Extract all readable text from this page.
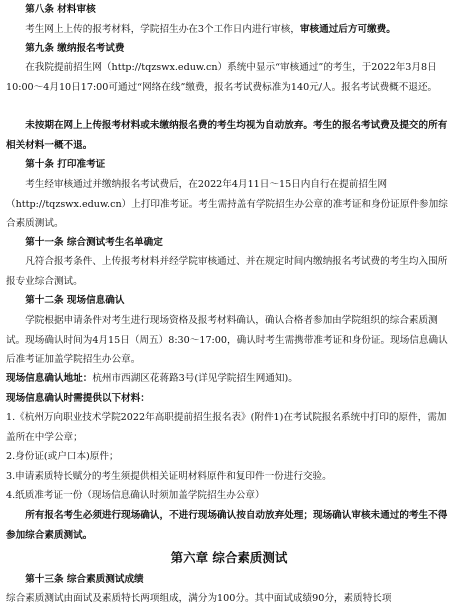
第八条 材料审核

考生网上上传的报考材料，学院招生办在3个工作日内进行审核，审核通过后方可缴费。

第九条 缴纳报名考试费

在我院提前招生网（http://tqzswx.eduw.cn）系统中显示“审核通过”的考生，于2022年3月8日10:00～4月10日17:00可通过“网络在线”缴费，报名考试费标准为140元/人。报名考试费概不退还。

未按期在网上上传报考材料或未缴纳报名费的考生均视为自动放弃。考生的报名考试费及提交的所有相关材料一概不退。

第十条 打印准考证

考生经审核通过并缴纳报名考试费后，在2022年4月11日～15日内自行在提前招生网（http://tqzswx.eduw.cn）上打印准考证。考生需持盖有学院招生办公章的准考证和身份证原件参加综合素质测试。

第十一条 综合测试考生名单确定

凡符合报考条件、上传报考材料并经学院审核通过、并在规定时间内缴纳报名考试费的考生均入围所报专业综合测试。

第十二条 现场信息确认

学院根据申请条件对考生进行现场资格及报考材料确认，确认合格者参加由学院组织的综合素质测试。现场确认时间为4月15日（周五）8:30～17:00，确认时考生需携带准考证和身份证。现场信息确认后准考证加盖学院招生办公章。

现场信息确认地址：杭州市西湖区花蒋路3号(详见学院招生网通知)。

现场信息确认时需提供以下材料：

1.《杭州万向职业技术学院2022年高职提前招生报名表》(附件1)在考试院报名系统中打印的原件，需加盖所在中学公章；

2.身份证(或户口本)原件；

3.申请素质特长赋分的考生须提供相关证明材料原件和复印件一份进行交验。

4.纸质准考证一份（现场信息确认时须加盖学院招生办公章）

所有报名考生必须进行现场确认，不进行现场确认按自动放弃处理；现场确认审核未通过的考生不得参加综合素质测试。

第六章 综合素质测试

第十三条 综合素质测试成绩

综合素质测试由面试及素质特长两项组成，满分为100分。其中面试成绩90分，素质特长项
